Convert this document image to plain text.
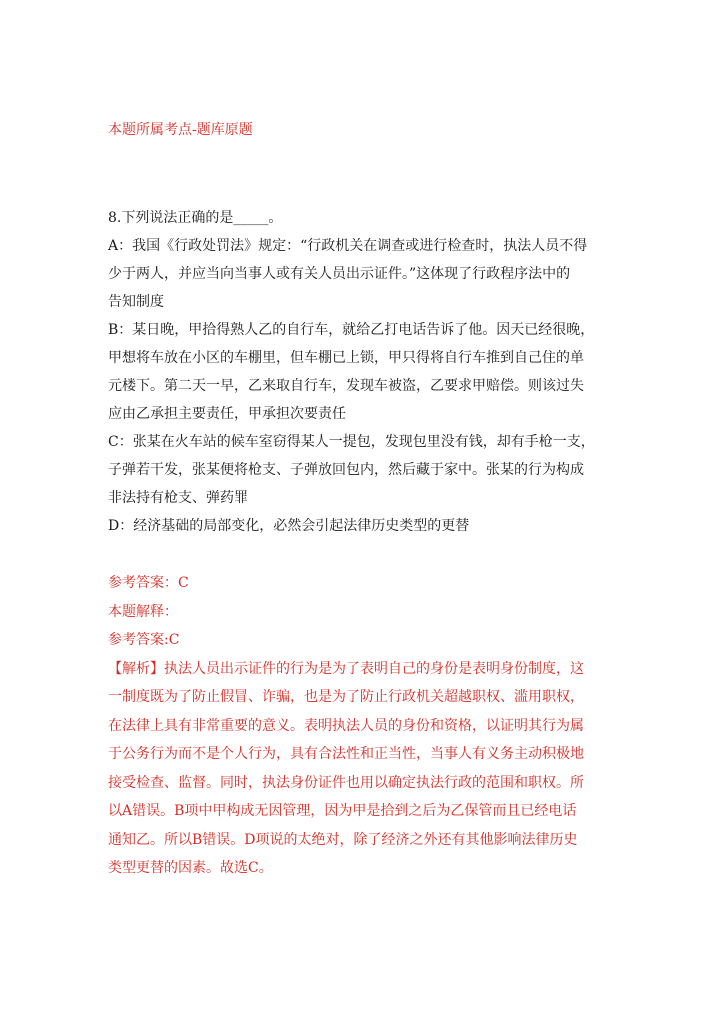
本题所属考点-题库原题

8.下列说法正确的是_____。

A：我国《行政处罚法》规定：“行政机关在调查或进行检查时，执法人员不得

少于两人，并应当向当事人或有关人员出示证件。”这体现了行政程序法中的

告知制度

B：某日晚，甲拾得熟人乙的自行车，就给乙打电话告诉了他。因天已经很晚，

甲想将车放在小区的车棚里，但车棚已上锁，甲只得将自行车推到自己住的单

元楼下。第二天一早，乙来取自行车，发现车被盗，乙要求甲赔偿。则该过失

应由乙承担主要责任，甲承担次要责任

C：张某在火车站的候车室窃得某人一提包，发现包里没有钱，却有手枪一支，

子弹若干发，张某便将枪支、子弹放回包内，然后藏于家中。张某的行为构成

非法持有枪支、弹药罪

D：经济基础的局部变化，必然会引起法律历史类型的更替

参考答案：C

本题解释：

参考答案:C

【解析】执法人员出示证件的行为是为了表明自己的身份是表明身份制度，这

一制度既为了防止假冒、诈骗，也是为了防止行政机关超越职权、滥用职权，

在法律上具有非常重要的意义。表明执法人员的身份和资格，以证明其行为属

于公务行为而不是个人行为，具有合法性和正当性，当事人有义务主动积极地

接受检查、监督。同时，执法身份证件也用以确定执法行政的范围和职权。所

以A错误。B项中甲构成无因管理，因为甲是拾到之后为乙保管而且已经电话

通知乙。所以B错误。D项说的太绝对，除了经济之外还有其他影响法律历史

类型更替的因素。故选C。
